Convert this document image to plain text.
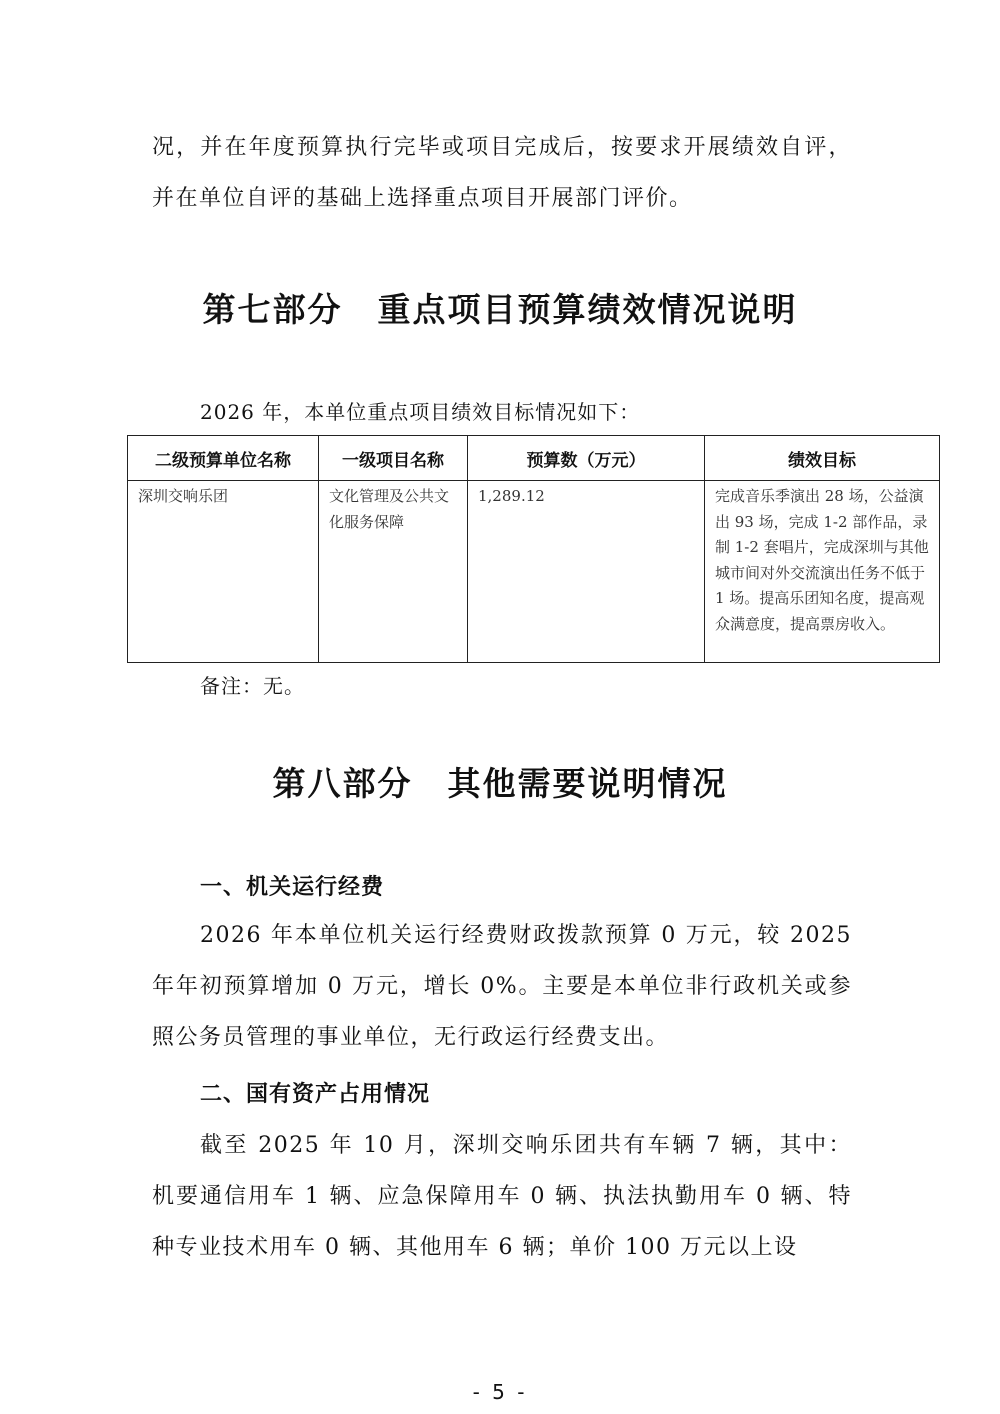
况，并在年度预算执行完毕或项目完成后，按要求开展绩效自评，并在单位自评的基础上选择重点项目开展部门评价。

第七部分　重点项目预算绩效情况说明

2026 年，本单位重点项目绩效目标情况如下：

二级预算单位名称	一级项目名称	预算数（万元）	绩效目标
深圳交响乐团	文化管理及公共文化服务保障	1,289.12	完成音乐季演出 28 场，公益演出 93 场，完成 1-2 部作品，录制 1-2 套唱片，完成深圳与其他城市间对外交流演出任务不低于 1 场。提高乐团知名度，提高观众满意度，提高票房收入。

备注：无。

第八部分　其他需要说明情况
一、机关运行经费

2026 年本单位机关运行经费财政拨款预算 0 万元，较 2025 年年初预算增加 0 万元，增长 0%。主要是本单位非行政机关或参照公务员管理的事业单位，无行政运行经费支出。

二、国有资产占用情况

截至 2025 年 10 月，深圳交响乐团共有车辆 7 辆，其中：机要通信用车 1 辆、应急保障用车 0 辆、执法执勤用车 0 辆、特种专业技术用车 0 辆、其他用车 6 辆；单价 100 万元以上设

- 5 -
